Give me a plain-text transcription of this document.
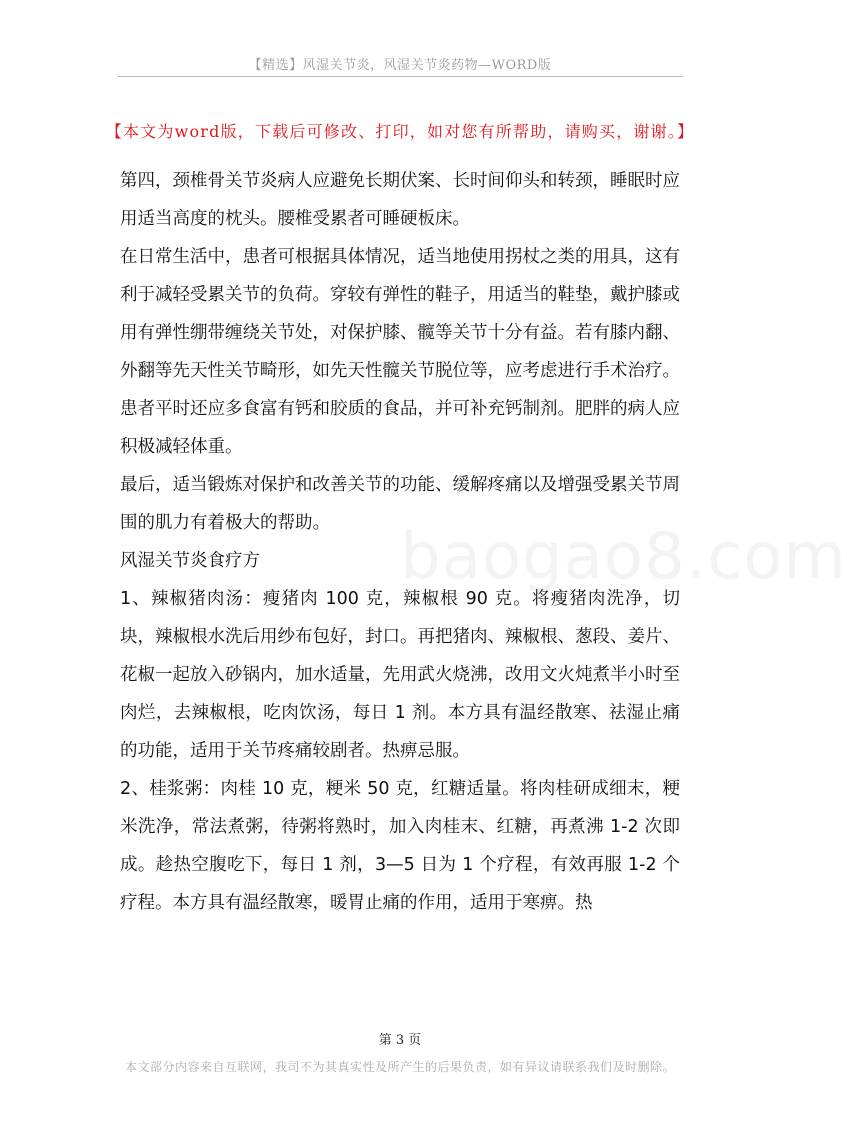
【精选】风湿关节炎，风湿关节炎药物—WORD版
【本文为word版，下载后可修改、打印，如对您有所帮助，请购买，谢谢。】

第四，颈椎骨关节炎病人应避免长期伏案、长时间仰头和转颈，睡眠时应用适当高度的枕头。腰椎受累者可睡硬板床。

在日常生活中，患者可根据具体情况，适当地使用拐杖之类的用具，这有利于减轻受累关节的负荷。穿较有弹性的鞋子，用适当的鞋垫，戴护膝或用有弹性绷带缠绕关节处，对保护膝、髋等关节十分有益。若有膝内翻、外翻等先天性关节畸形，如先天性髋关节脱位等，应考虑进行手术治疗。患者平时还应多食富有钙和胶质的食品，并可补充钙制剂。肥胖的病人应积极减轻体重。

最后，适当锻炼对保护和改善关节的功能、缓解疼痛以及增强受累关节周围的肌力有着极大的帮助。

风湿关节炎食疗方

1、辣椒猪肉汤：瘦猪肉 100 克，辣椒根 90 克。将瘦猪肉洗净，切块，辣椒根水洗后用纱布包好，封口。再把猪肉、辣椒根、葱段、姜片、花椒一起放入砂锅内，加水适量，先用武火烧沸，改用文火炖煮半小时至肉烂，去辣椒根，吃肉饮汤，每日 1 剂。本方具有温经散寒、祛湿止痛的功能，适用于关节疼痛较剧者。热痹忌服。

2、桂浆粥：肉桂 10 克，粳米 50 克，红糖适量。将肉桂研成细末，粳米洗净，常法煮粥，待粥将熟时，加入肉桂末、红糖，再煮沸 1-2 次即成。趁热空腹吃下，每日 1 剂，3—5 日为 1 个疗程，有效再服 1-2 个疗程。本方具有温经散寒，暖胃止痛的作用，适用于寒痹。热

baogao8.com
第 3 页
本文部分内容来自互联网，我司不为其真实性及所产生的后果负责，如有异议请联系我们及时删除。
